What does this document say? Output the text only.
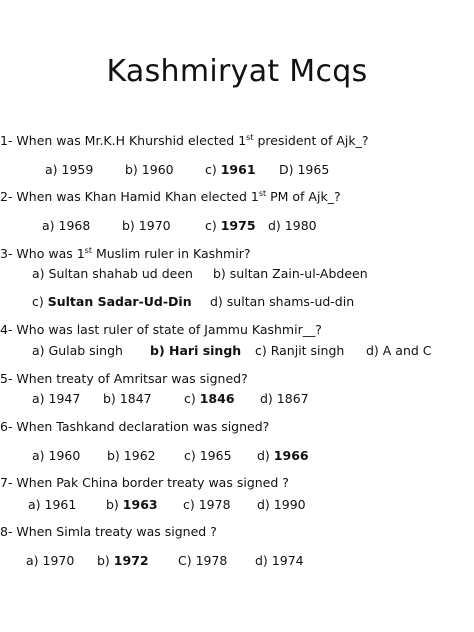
Kashmiryat Mcqs
1- When was Mr.K.H Khurshid elected 1st president of Ajk_?
a) 1959	b) 1960	c) 1961 D) 1965
2- When was Khan Hamid Khan elected 1st PM of Ajk_?
a) 1968	b) 1970	c) 1975 d) 1980
3- Who was 1st Muslim ruler in Kashmir?
a) Sultan shahab ud deen b) sultan Zain-ul-Abdeen
c) Sultan Sadar-Ud-Din d) sultan shams-ud-din
4- Who was last ruler of state of Jammu Kashmir__?
a) Gulab singh b) Hari singh c) Ranjit singh d) A and C
5- When treaty of Amritsar was signed?
a) 1947 b) 1847	c) 1846 d) 1867
6- When Tashkand declaration was signed?
a) 1960 b) 1962 c) 1965 d) 1966
7- When Pak China border treaty was signed ?
a) 1961 b) 1963 c) 1978 d) 1990
8- When Simla treaty was signed ?
a) 1970 b) 1972 C) 1978 d) 1974
